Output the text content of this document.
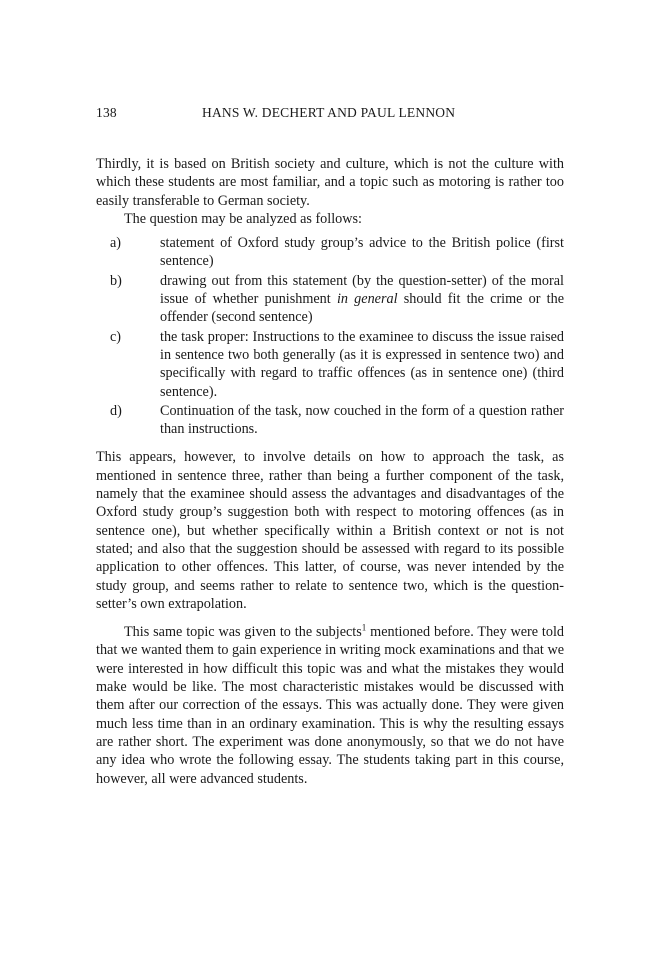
138	HANS W. DECHERT AND PAUL LENNON

Thirdly, it is based on British society and culture, which is not the culture with which these students are most familiar, and a topic such as motoring is rather too easily transferable to German society.

The question may be analyzed as follows:

a)	statement of Oxford study group’s advice to the British police (first sentence)
b)	drawing out from this statement (by the question-setter) of the moral issue of whether punishment in general should fit the crime or the offender (second sentence)
c)	the task proper: Instructions to the examinee to discuss the issue raised in sentence two both generally (as it is expressed in sentence two) and specifically with regard to traffic offences (as in sentence one) (third sentence).
d)	Continuation of the task, now couched in the form of a question rather than instructions.

This appears, however, to involve details on how to approach the task, as mentioned in sentence three, rather than being a further component of the task, namely that the examinee should assess the advantages and disadvantages of the Oxford study group’s suggestion both with respect to motoring offences (as in sentence one), but whether specifically within a British context or not is not stated; and also that the suggestion should be assessed with regard to its possible application to other offences. This latter, of course, was never intended by the study group, and seems rather to relate to sentence two, which is the question-setter’s own extrapolation.

This same topic was given to the subjects$^1$ mentioned before. They were told that we wanted them to gain experience in writing mock examinations and that we were interested in how difficult this topic was and what the mistakes they would make would be like. The most characteristic mistakes would be discussed with them after our correction of the essays. This was actually done. They were given much less time than in an ordinary examination. This is why the resulting essays are rather short. The experiment was done anonymously, so that we do not have any idea who wrote the following essay. The students taking part in this course, however, all were advanced students.
